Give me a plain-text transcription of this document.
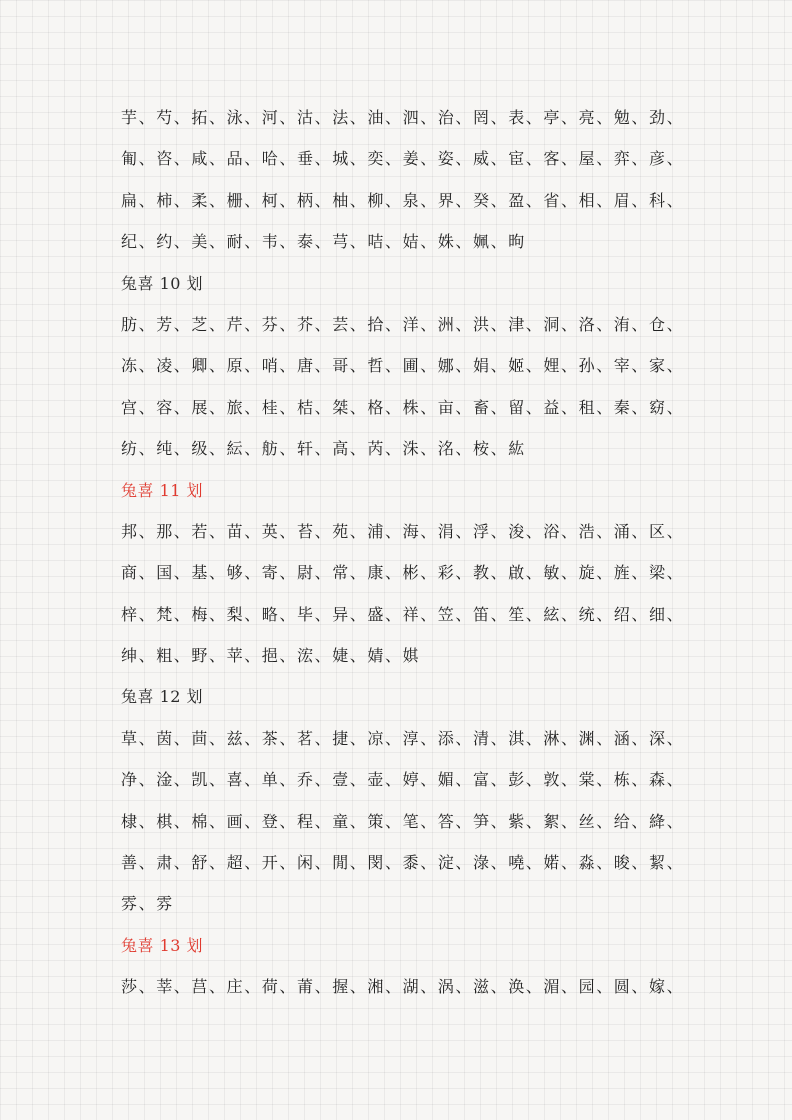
芋、芍、拓、泳、河、沽、法、油、泗、治、罔、表、亭、亮、勉、劲、
匍、咨、咸、品、哈、垂、城、奕、姜、姿、威、宦、客、屋、弈、彦、
扁、柿、柔、栅、柯、柄、柚、柳、泉、界、癸、盈、省、相、眉、科、
纪、约、美、耐、韦、泰、芎、咭、姞、姝、姵、昫
兔喜 10 划
肪、芳、芝、芹、芬、芥、芸、拾、洋、洲、洪、津、洞、洛、洧、仓、
冻、凌、卿、原、哨、唐、哥、哲、圃、娜、娟、姬、娌、孙、宰、家、
宫、容、展、旅、桂、桔、桀、格、株、亩、畜、留、益、租、秦、窈、
纺、纯、级、紜、舫、轩、高、芮、洙、洺、桉、紘
兔喜 11 划
邦、那、若、苗、英、苔、苑、浦、海、涓、浮、浚、浴、浩、涌、区、
商、国、基、够、寄、尉、常、康、彬、彩、教、啟、敏、旋、旌、梁、
梓、梵、梅、梨、略、毕、异、盛、祥、笠、笛、笙、絃、统、绍、细、
绅、粗、野、苹、挹、浤、婕、婧、娸
兔喜 12 划
草、茵、茴、兹、茶、茗、捷、凉、淳、添、清、淇、淋、渊、涵、深、
净、淦、凯、喜、单、乔、壹、壶、婷、媚、富、彭、敦、棠、栋、森、
棣、棋、棉、画、登、程、童、策、笔、答、笋、紫、絮、丝、给、絳、
善、肃、舒、超、开、闲、閒、閔、黍、淀、淥、嘵、婼、淼、晙、絜、
雰、雰
兔喜 13 划
莎、莘、莒、庄、荷、莆、握、湘、湖、涡、滋、涣、湄、园、圆、嫁、
